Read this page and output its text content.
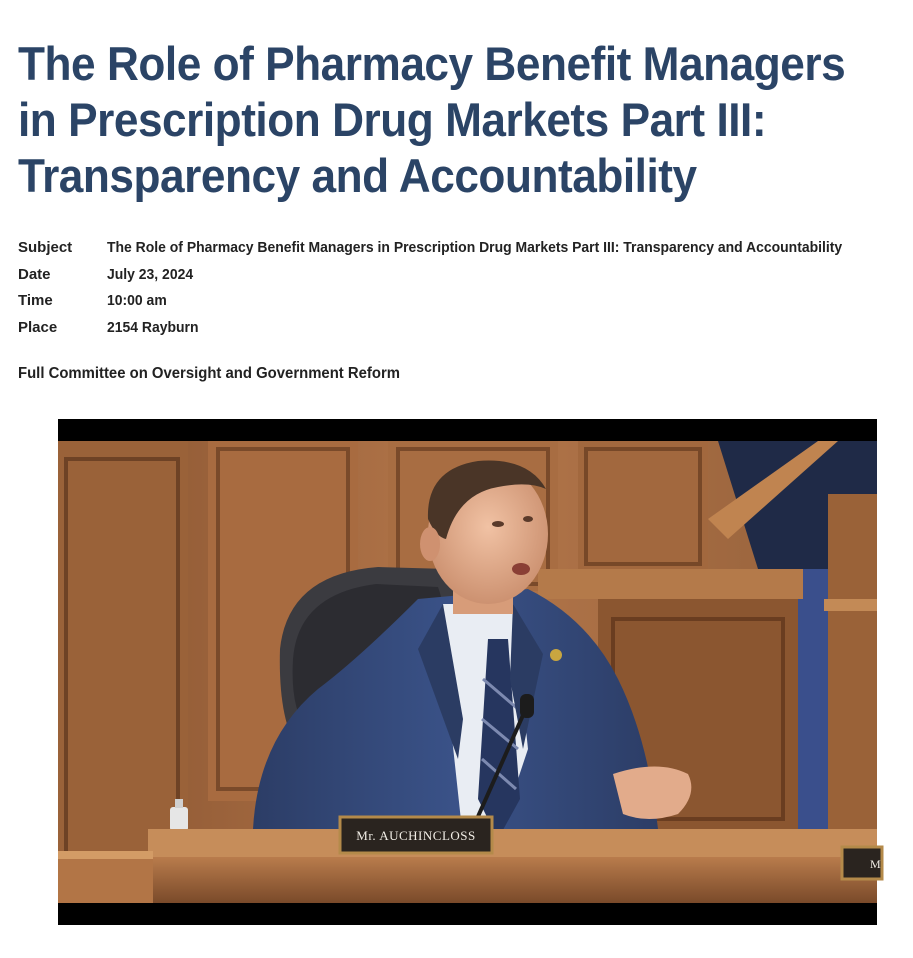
The Role of Pharmacy Benefit Managers
in Prescription Drug Markets Part III:
Transparency and Accountability
Subject	The Role of Pharmacy Benefit Managers in Prescription Drug Markets Part III: Transparency and Accountability
Date	July 23, 2024
Time	10:00 am
Place	2154 Rayburn
Full Committee on Oversight and Government Reform
Mr. AUCHINCLOSS
M
